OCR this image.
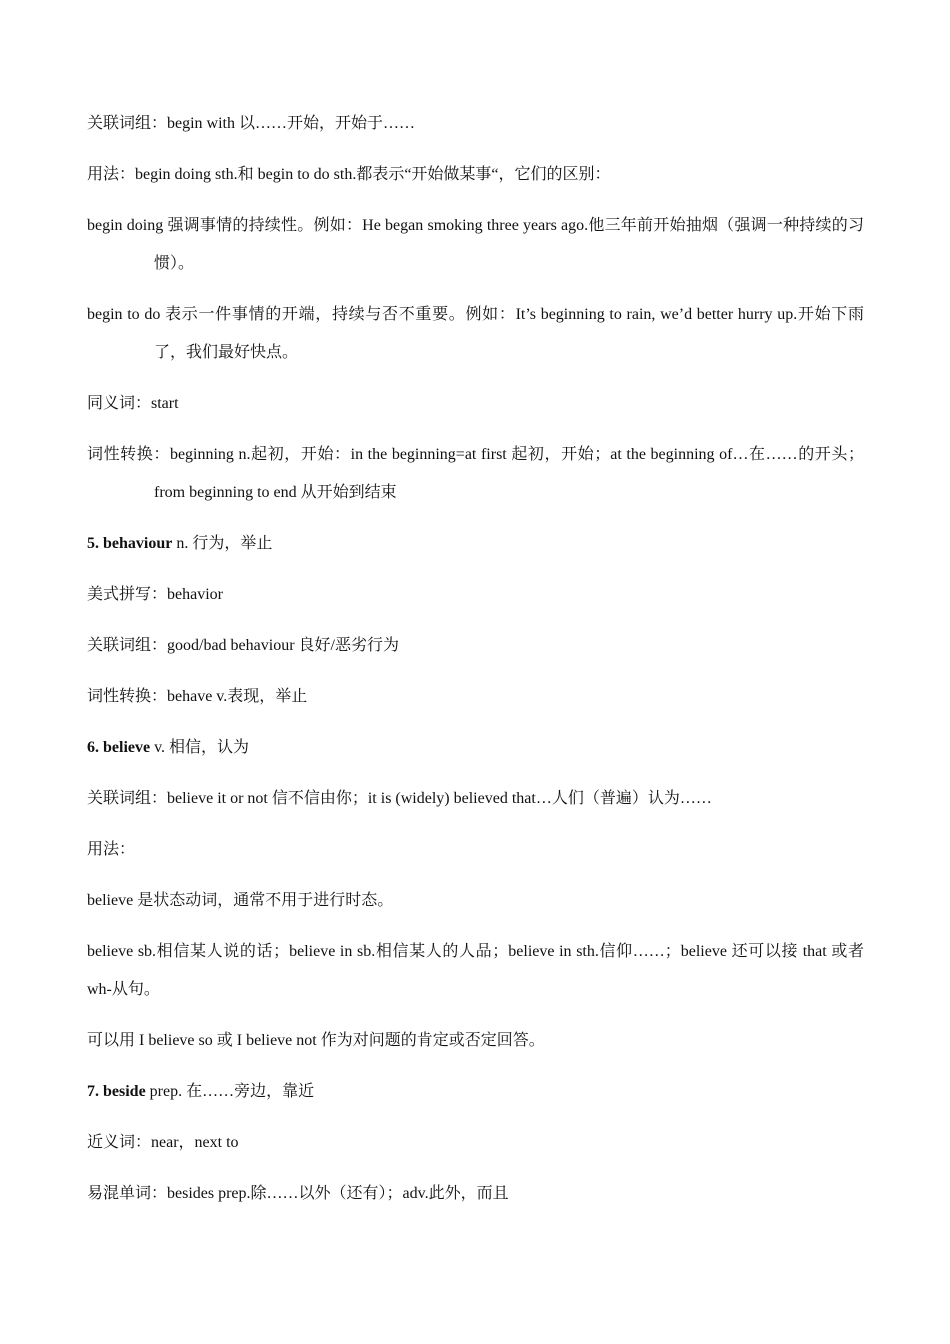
关联词组：begin with 以……开始，开始于……

用法：begin doing sth.和 begin to do sth.都表示“开始做某事“，它们的区别：

begin doing 强调事情的持续性。例如：He began smoking three years ago.他三年前开始抽烟（强调一种持续的习惯）。

begin to do 表示一件事情的开端，持续与否不重要。例如：It’s beginning to rain, we’d better hurry up.开始下雨了，我们最好快点。

同义词：start

词性转换：beginning n.起初，开始：in the beginning=at first 起初，开始；at the beginning of…在……的开头；from beginning to end 从开始到结束

5. behaviour n. 行为，举止

美式拼写：behavior

关联词组：good/bad behaviour 良好/恶劣行为

词性转换：behave v.表现，举止

6. believe v. 相信，认为

关联词组：believe it or not 信不信由你；it is (widely) believed that…人们（普遍）认为……

用法：

believe 是状态动词，通常不用于进行时态。

believe sb.相信某人说的话；believe in sb.相信某人的人品；believe in sth.信仰……；believe 还可以接 that 或者 wh-从句。

可以用 I believe so 或 I believe not 作为对问题的肯定或否定回答。

7. beside prep. 在……旁边，靠近

近义词：near，next to

易混单词：besides prep.除……以外（还有）；adv.此外，而且
